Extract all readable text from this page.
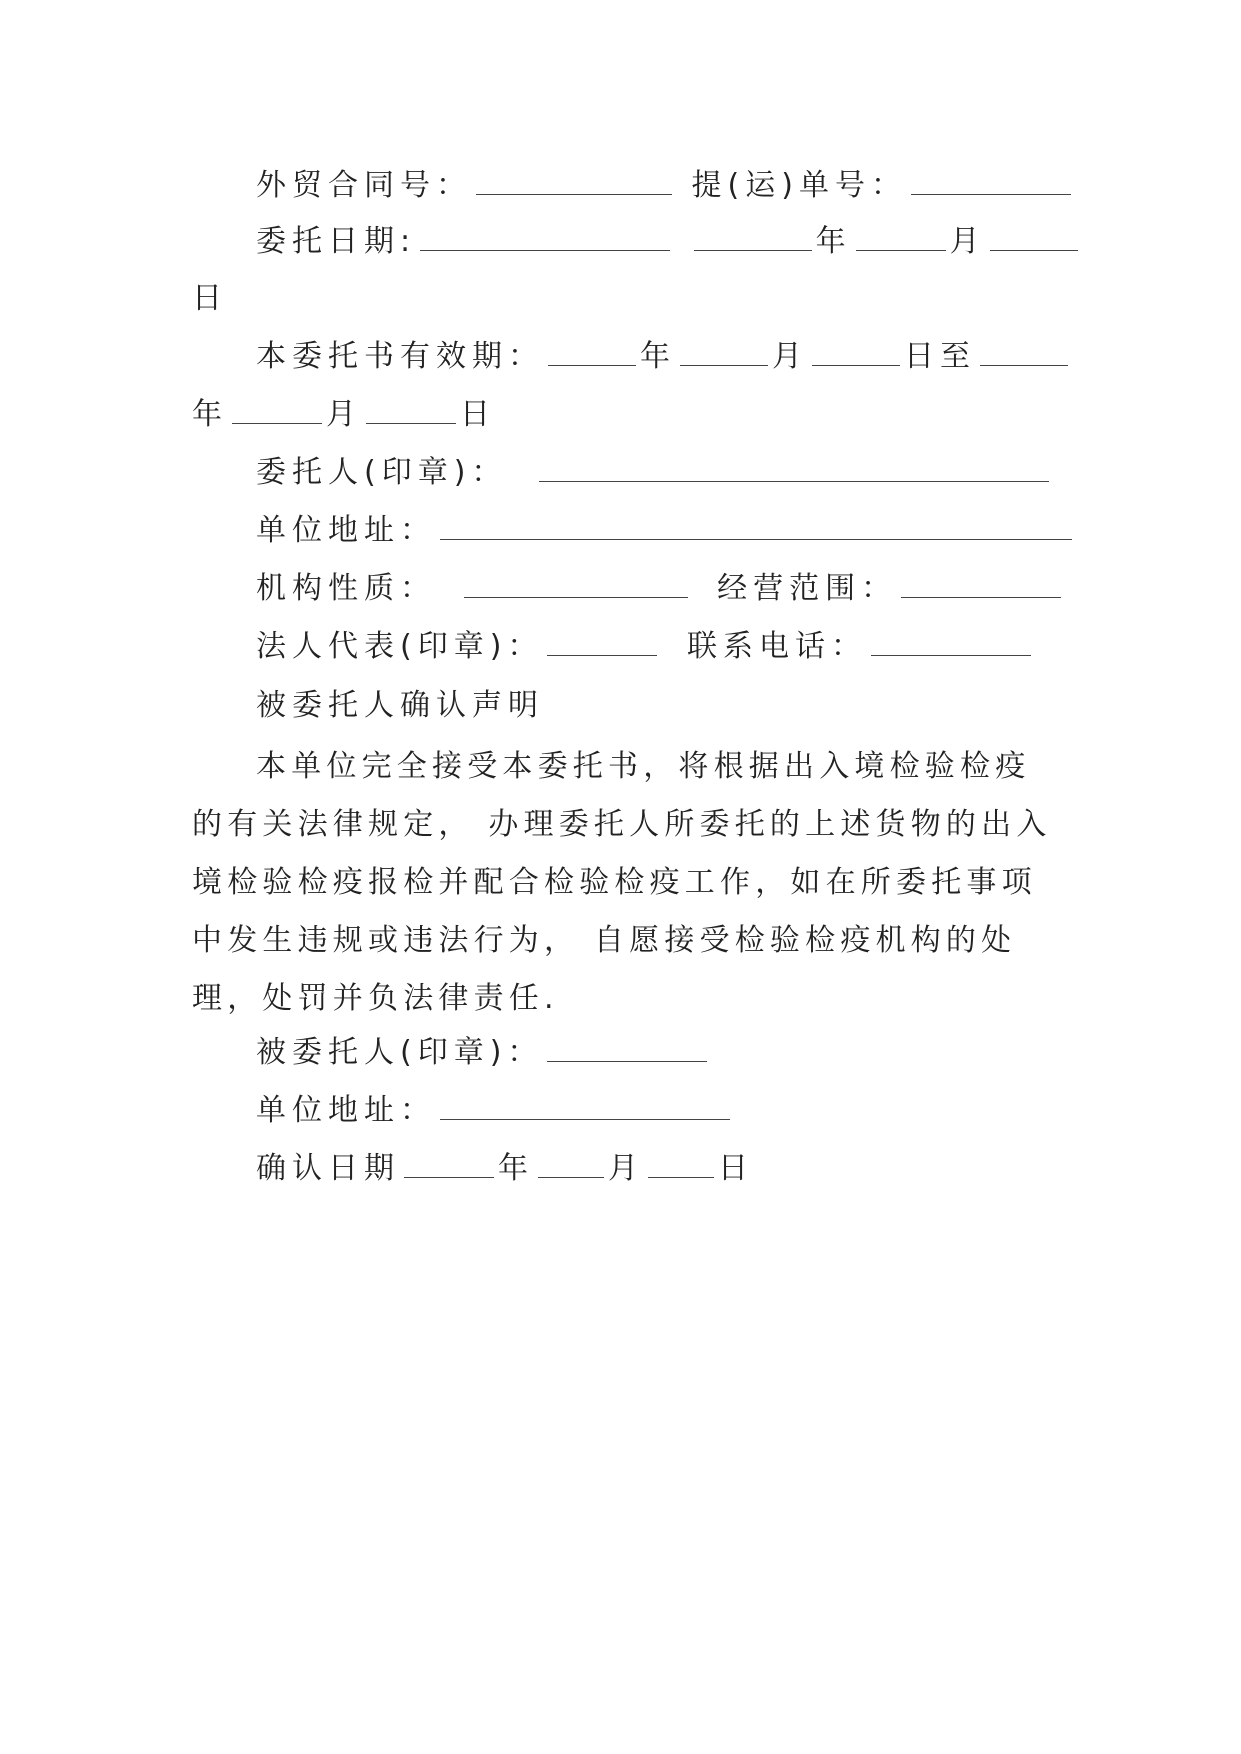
外贸合同号：	提(运)单号：
委托日期:	年	月
日
本委托书有效期：	年	月	日至
年	月	日
委托人(印章)：
单位地址：
机构性质：	经营范围：
法人代表(印章)：	联系电话：
被委托人确认声明
本单位完全接受本委托书，将根据出入境检验检疫的有关法律规定， 办理委托人所委托的上述货物的出入境检验检疫报检并配合检验检疫工作，如在所委托事项中发生违规或违法行为， 自愿接受检验检疫机构的处理，处罚并负法律责任.
被委托人(印章)：
单位地址：
确认日期	年 月 日
